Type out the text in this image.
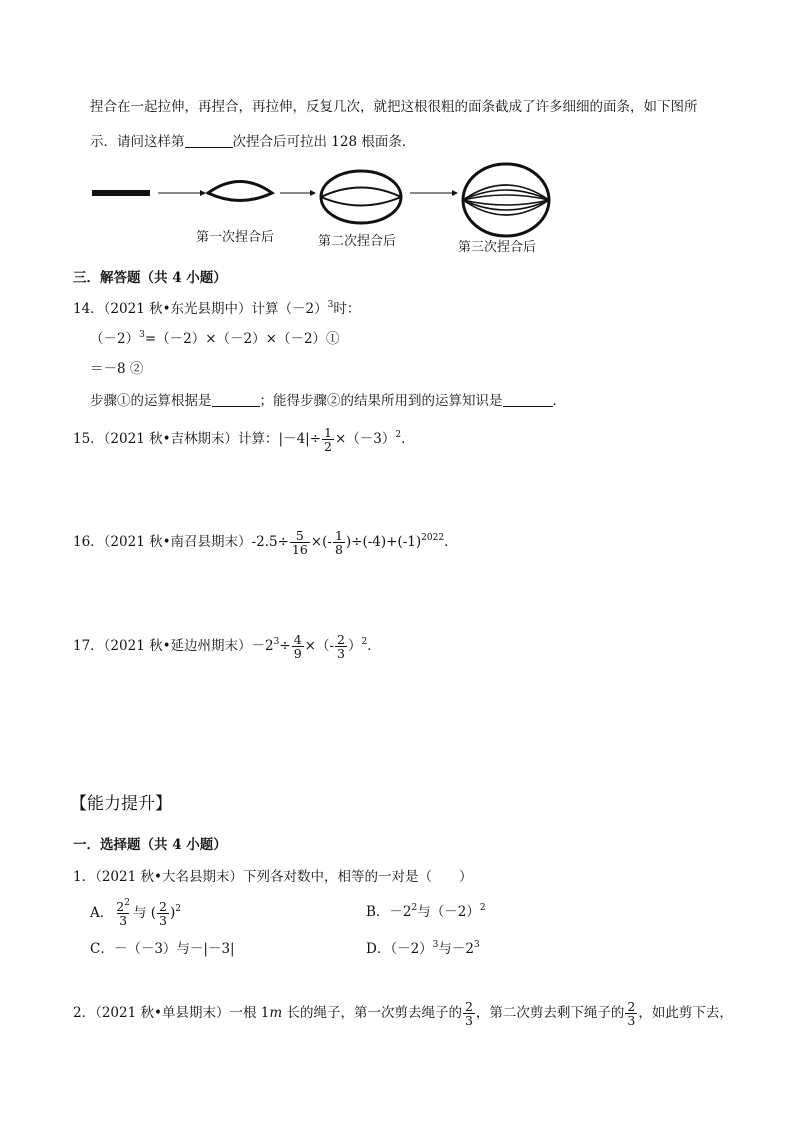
捏合在一起拉伸，再捏合，再拉伸，反复几次，就把这根很粗的面条截成了许多细细的面条，如下图所
示．请问这样第	次捏合后可拉出 128 根面条．
第一次捏合后	第二次捏合后	第三次捏合后
三．解答题（共 4 小题）
14．（2021 秋•东光县期中）计算$(-2)^3$时：
$(-2)^3=(-2)\times(-2)\times(-2)①$
＝－8 ②
步骤①的运算根据是	；能得步骤②的结果所用到的运算知识是	．
15．（2021 秋•吉林期末）计算：$|-4|\div \frac{1}{2} \times(-3)^2$．
16．（2021 秋•南召县期末）$-2.5\div \frac{5}{16}$ ×(- $\frac{1}{8} )\div(-4)+(-1)^{2022}$．
17．（2021 秋•延边州期末）$-2^3\div \frac{4}{9}$ ×（- $\frac{2}{3} )^2$．
【能力提升】
一．选择题（共 4 小题）
1．（2021 秋•大名县期末）下列各对数中，相等的一对是（　　）
A． $\frac{2^2}{3}$ 与 ( $\frac{2}{3} )^2$	B．$-2^2$与$(-2)^2$
C．－（－3）与－|－3|	D．$(-2)^3$与$-2^3$
2．（2021 秋•单县期末）一根 1m 长的绳子，第一次剪去绳子的 $\frac{2}{3}$ ，第二次剪去剩下绳子的 $\frac{2}{3}$ ，如此剪下去，
